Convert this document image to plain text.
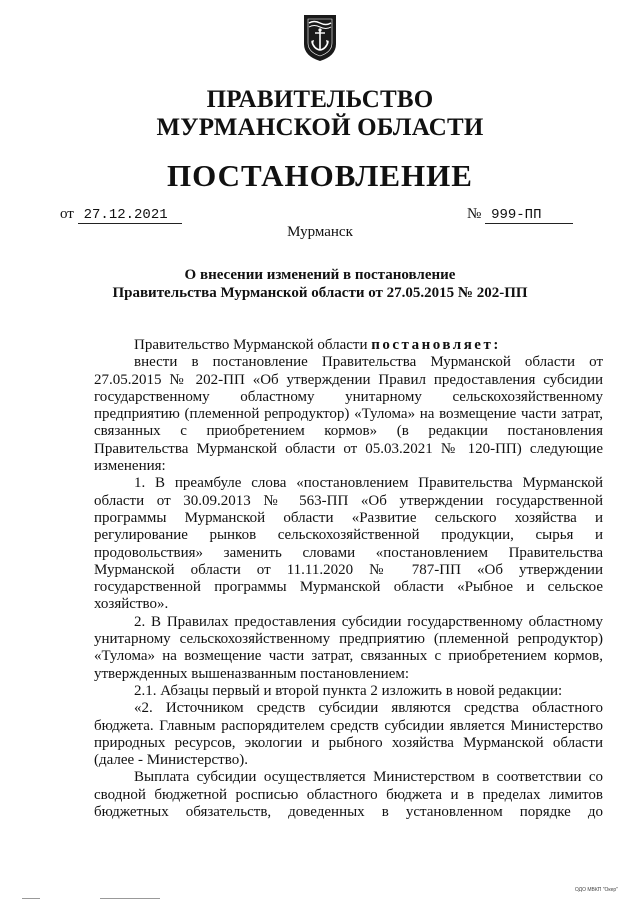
ПРАВИТЕЛЬСТВО
МУРМАНСКОЙ ОБЛАСТИ
ПОСТАНОВЛЕНИЕ
от 27.12.2021	№ 999-ПП
Мурманск
О внесении изменений в постановление
Правительства Мурманской области от 27.05.2015 № 202-ПП

Правительство Мурманской области постановляет:

внести в постановление Правительства Мурманской области от 27.05.2015 № 202-ПП «Об утверждении Правил предоставления субсидии государственному областному унитарному сельскохозяйственному предприятию (племенной репродуктор) «Тулома» на возмещение части затрат, связанных с приобретением кормов» (в редакции постановления Правительства Мурманской области от 05.03.2021 № 120-ПП) следующие изменения:

1. В преамбуле слова «постановлением Правительства Мурманской области от 30.09.2013 № 563-ПП «Об утверждении государственной программы Мурманской области «Развитие сельского хозяйства и регулирование рынков сельскохозяйственной продукции, сырья и продовольствия» заменить словами «постановлением Правительства Мурманской области от 11.11.2020 № 787-ПП «Об утверждении государственной программы Мурманской области «Рыбное и сельское хозяйство».

2. В Правилах предоставления субсидии государственному областному унитарному сельскохозяйственному предприятию (племенной репродуктор) «Тулома» на возмещение части затрат, связанных с приобретением кормов, утвержденных вышеназванным постановлением:

2.1. Абзацы первый и второй пункта 2 изложить в новой редакции:

«2. Источником средств субсидии являются средства областного бюджета. Главным распорядителем средств субсидии является Министерство природных ресурсов, экологии и рыбного хозяйства Мурманской области (далее - Министерство).

Выплата субсидии осуществляется Министерством в соответствии со сводной бюджетной росписью областного бюджета и в пределах лимитов бюджетных обязательств, доведенных в установленном порядке до

ОДО МВКП "Окер"
